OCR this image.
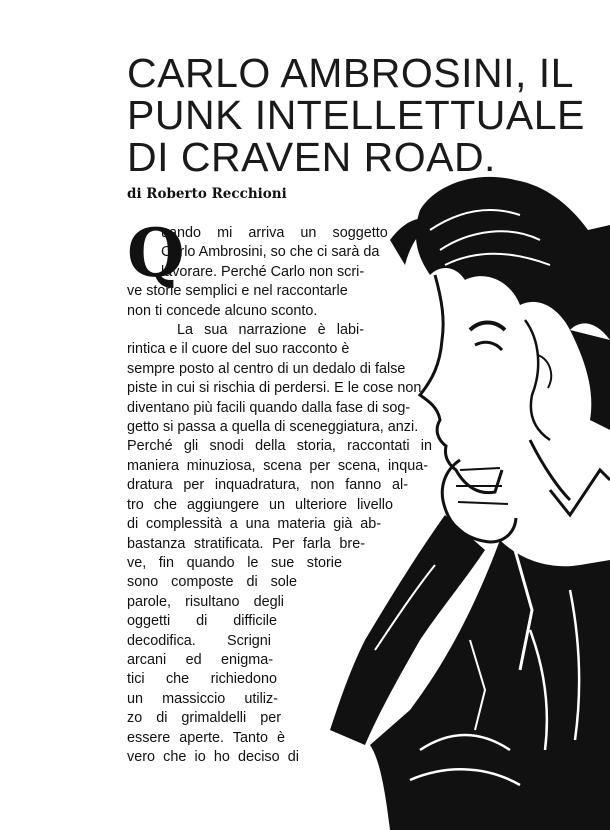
CARLO AMBROSINI, IL
PUNK INTELLETTUALE
DI CRAVEN ROAD.
di Roberto Recchioni
Q
uando mi arriva un soggetto di
Carlo Ambrosini, so che ci sarà da
lavorare. Perché Carlo non scri-
ve storie semplici e nel raccontarle
non ti concede alcuno sconto.
La sua narrazione è labi-
rintica e il cuore del suo racconto è
sempre posto al centro di un dedalo di false
piste in cui si rischia di perdersi. E le cose non
diventano più facili quando dalla fase di sog-
getto si passa a quella di sceneggiatura, anzi.
Perché gli snodi della storia, raccontati in
maniera minuziosa, scena per scena, inqua-
dratura per inquadratura, non fanno al-
tro che aggiungere un ulteriore livello
di complessità a una materia già ab-
bastanza stratificata. Per farla bre-
ve, fin quando le sue storie
sono composte di sole
parole, risultano degli
oggetti di difficile
decodifica. Scrigni
arcani ed enigma-
tici che richiedono
un massiccio utiliz-
zo di grimaldelli per
essere aperte. Tanto è
vero che io ho deciso di
